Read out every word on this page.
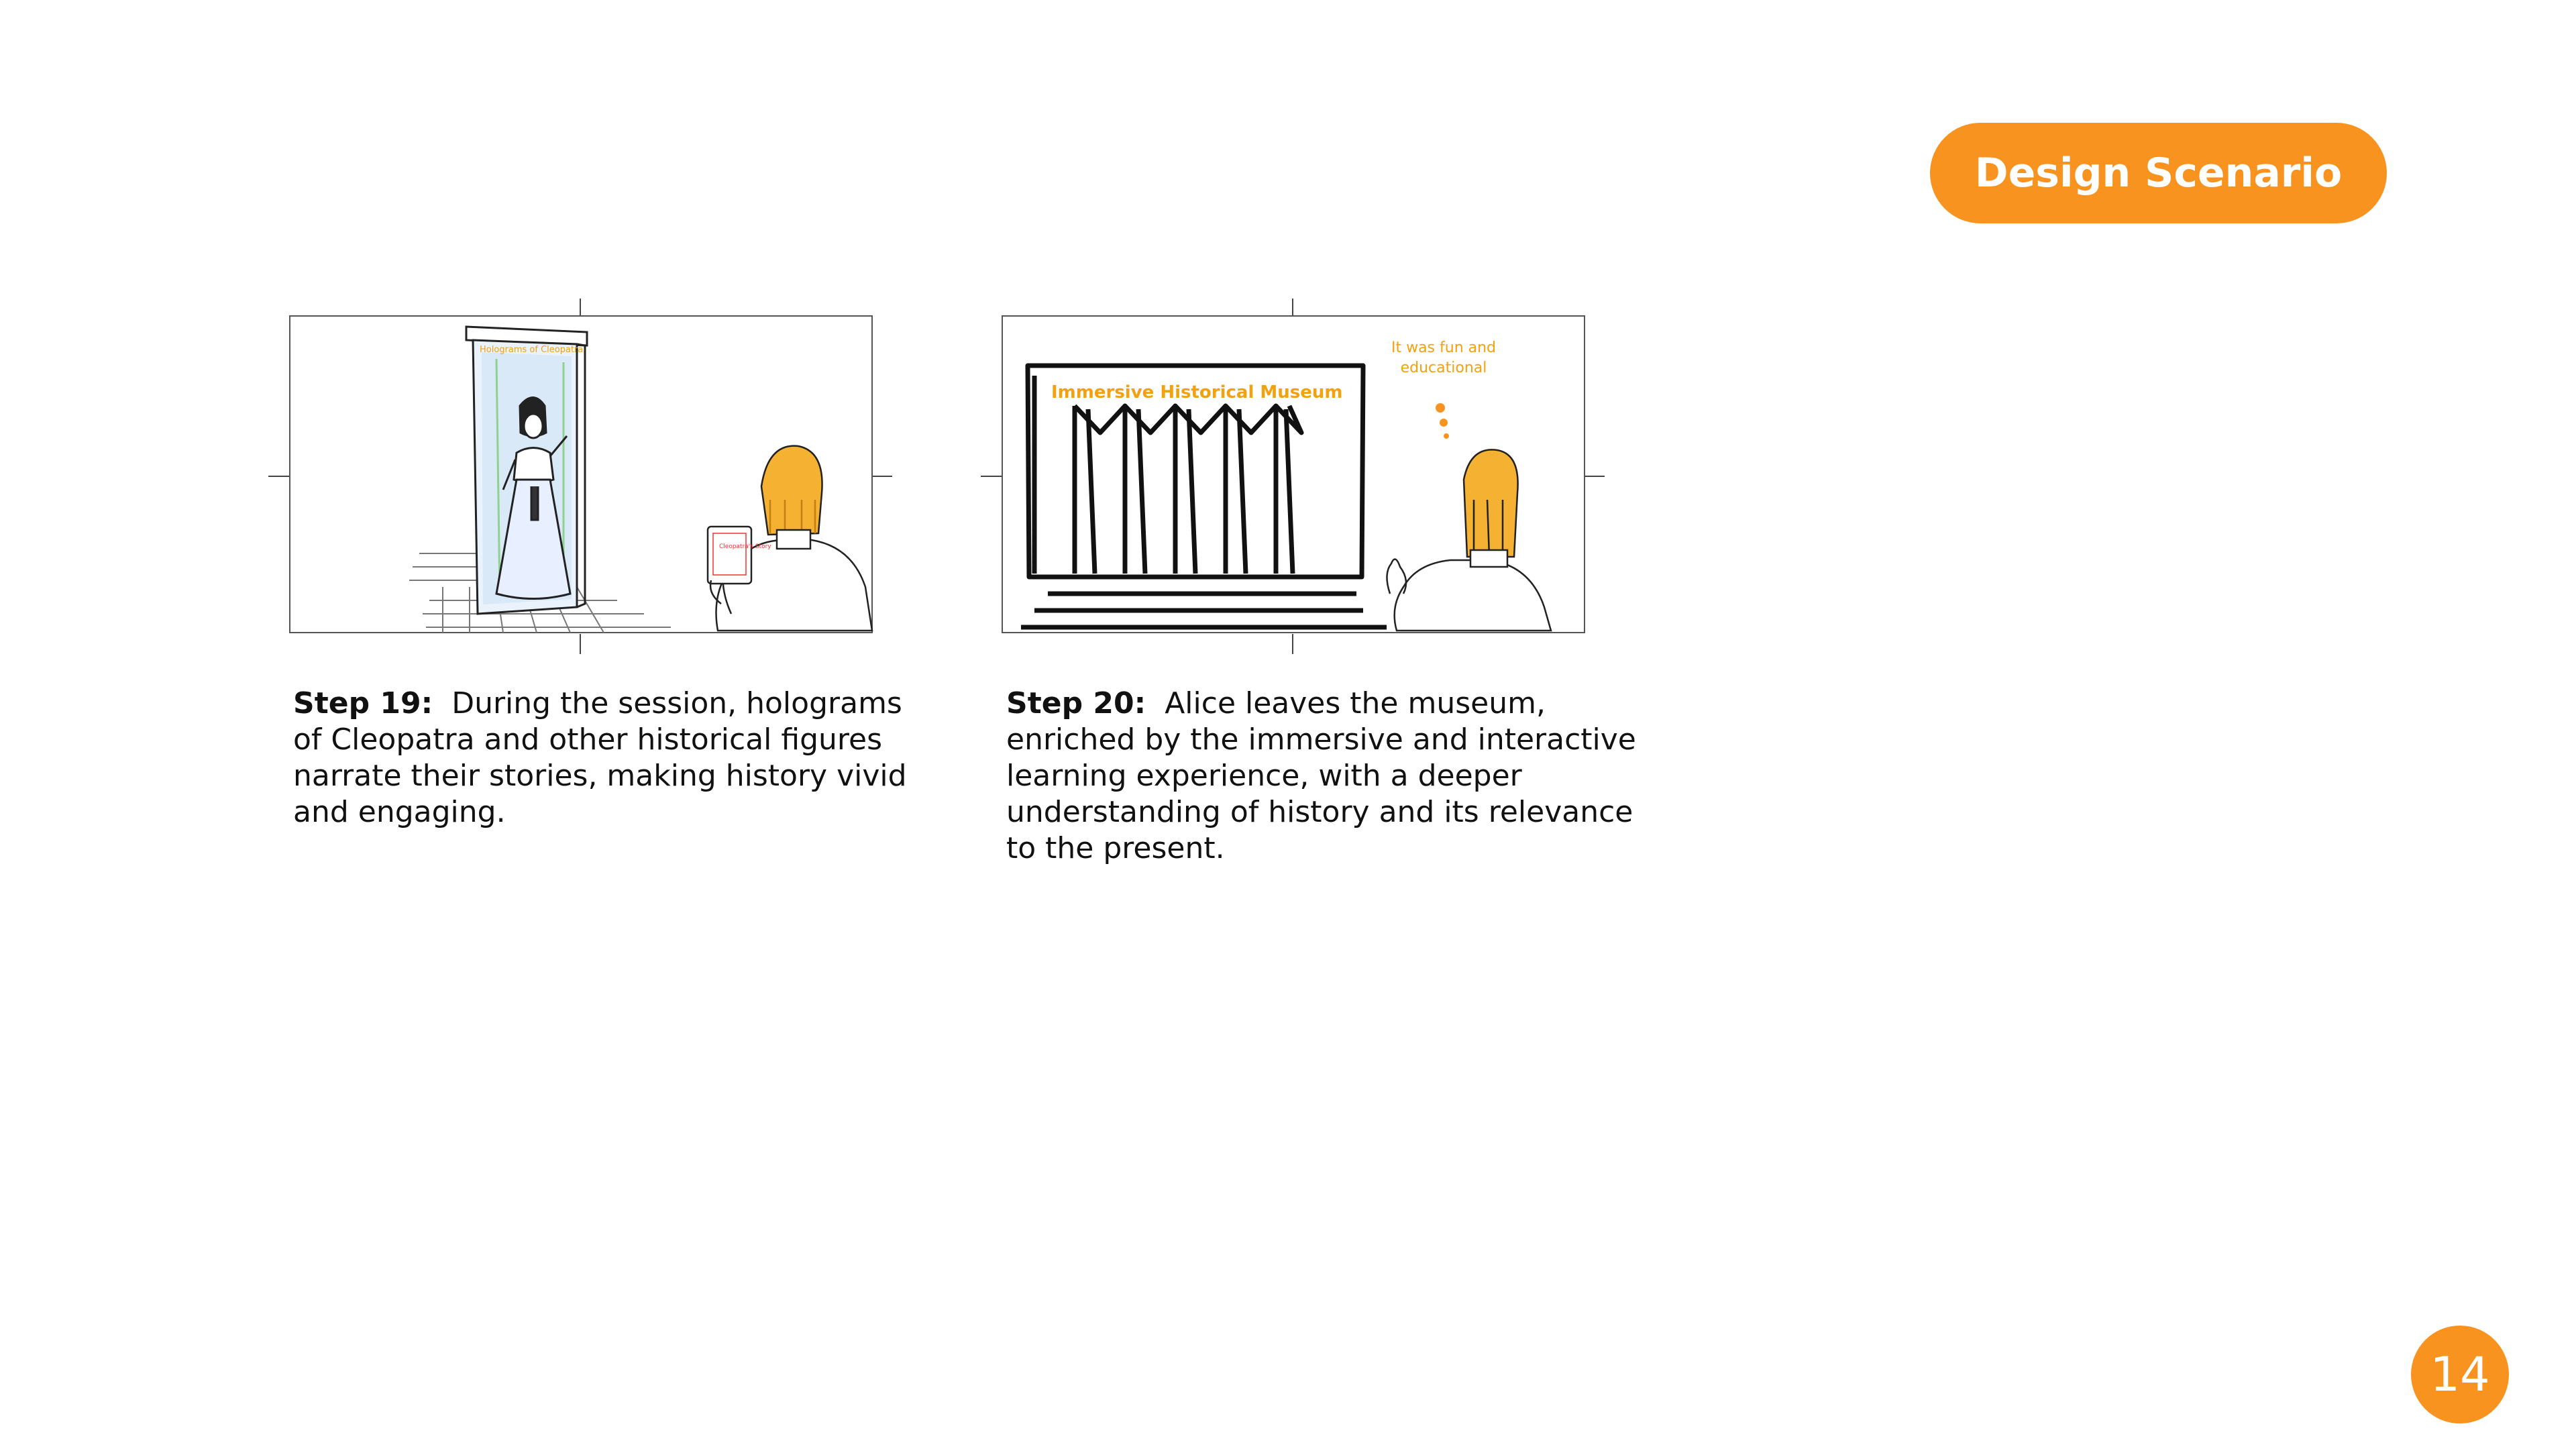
Design Scenario
Holograms of Cleopatra
Cleopatra's Story
Immersive Historical Museum
It was fun and
educational
Step 19: During the session, holograms of Cleopatra and other historical figures narrate their stories, making history vivid and engaging.
Step 20: Alice leaves the museum, enriched by the immersive and interactive learning experience, with a deeper understanding of history and its relevance to the present.
14
